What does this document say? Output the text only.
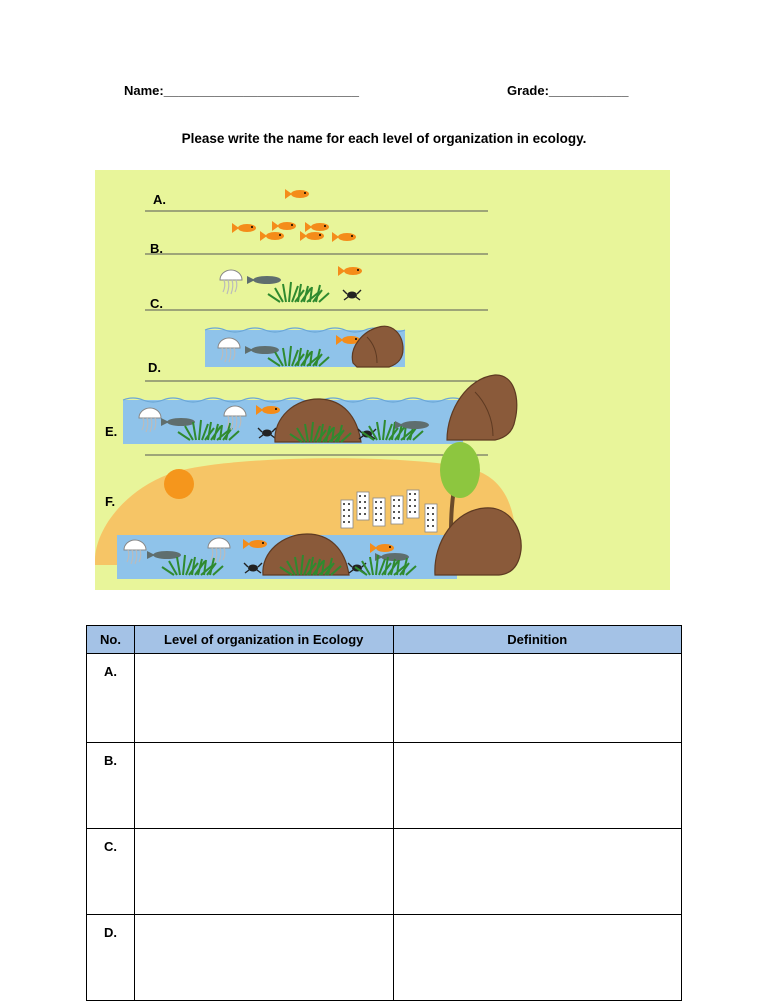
Name:___________________________	Grade:___________
Please write the name for each level of organization in ecology.
A.
B.
C.
D.
E.
F.
No.	Level of organization in Ecology	Definition
A.		
B.		
C.		
D.		
